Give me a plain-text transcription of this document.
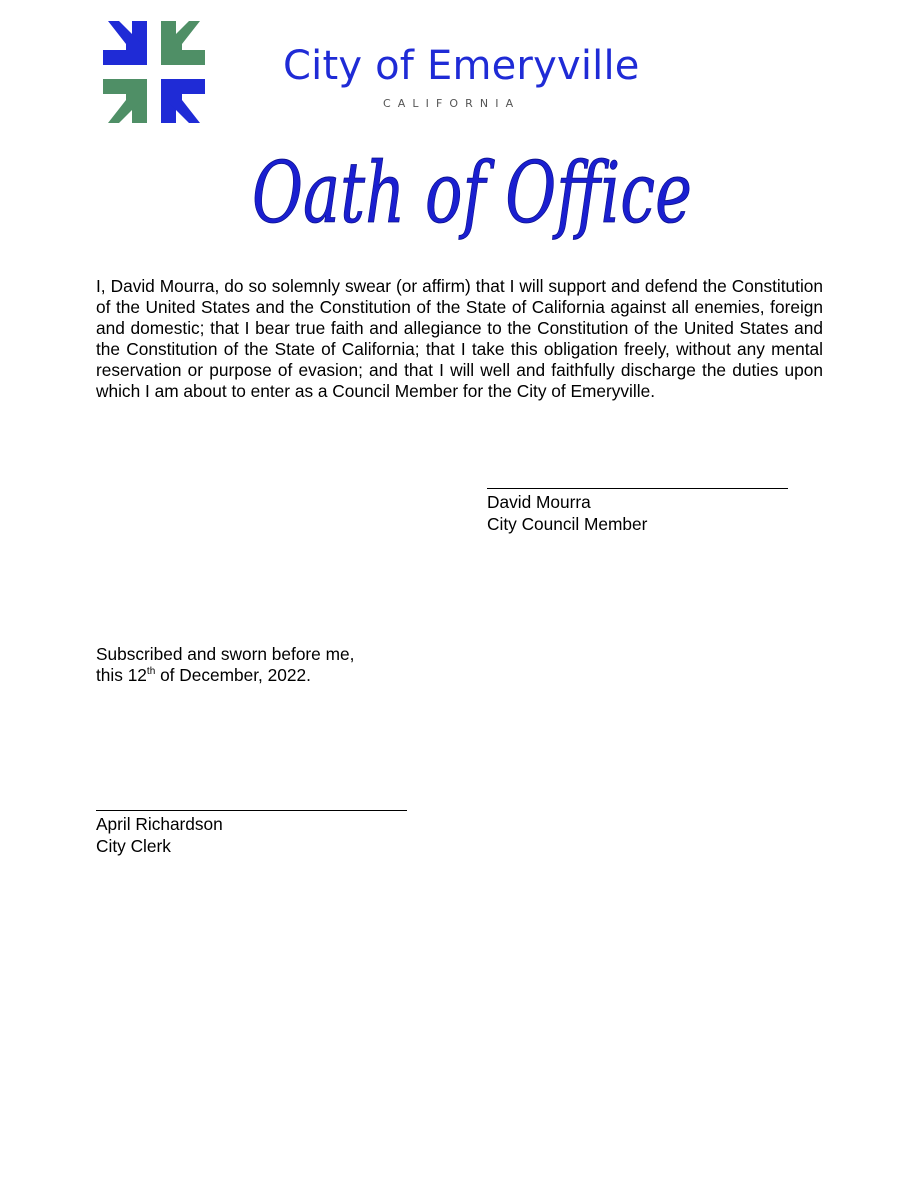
City of Emeryville
CALIFORNIA
Oath of Office

I, David Mourra, do so solemnly swear (or affirm) that I will support and defend the Constitution of the United States and the Constitution of the State of California against all enemies, foreign and domestic; that I bear true faith and allegiance to the Constitution of the United States and the Constitution of the State of California; that I take this obligation freely, without any mental reservation or purpose of evasion; and that I will well and faithfully discharge the duties upon which I am about to enter as a Council Member for the City of Emeryville.

David Mourra
City Council Member
Subscribed and sworn before me,
this 12th of December, 2022.
April Richardson
City Clerk
